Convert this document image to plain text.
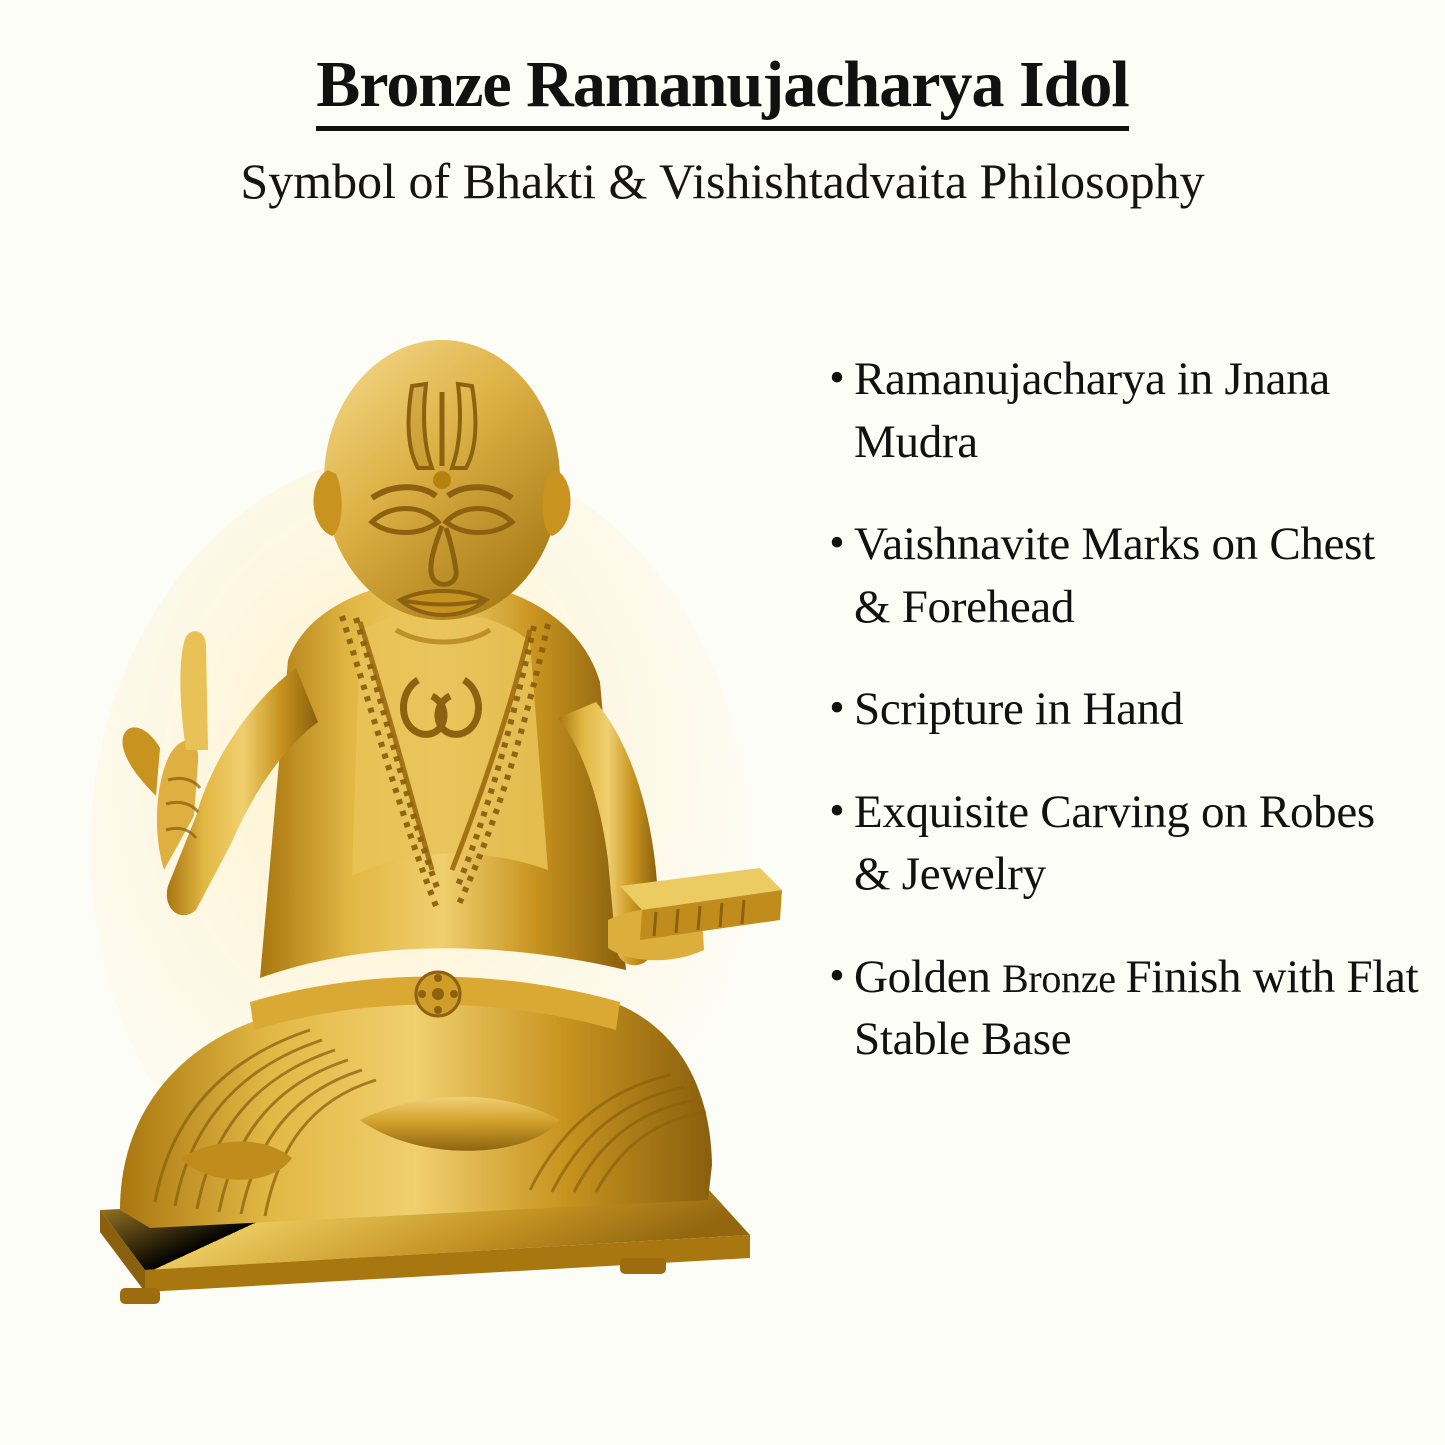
Bronze Ramanujacharya Idol
Symbol of Bhakti & Vishishtadvaita Philosophy
• Ramanujacharya in Jnana Mudra
• Vaishnavite Marks on Chest & Forehead
• Scripture in Hand
• Exquisite Carving on Robes & Jewelry
• Golden Bronze Finish with Flat Stable Base
